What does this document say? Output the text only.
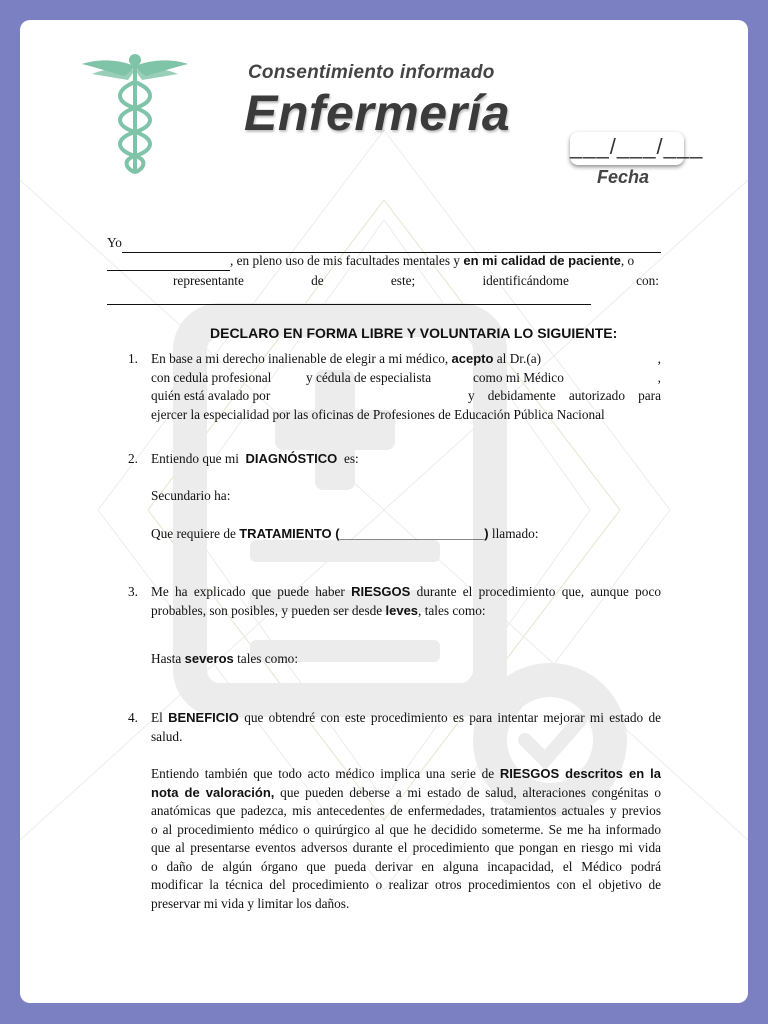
Consentimiento informado
Enfermería
___/___/___
Fecha
Yo
, en pleno uso de mis facultades mentales y en mi calidad de paciente, o
representante	de	este;	identificándome	con:
DECLARO EN FORMA LIBRE Y VOLUNTARIA LO SIGUIENTE:
1. En base a mi derecho inalienable de elegir a mi médico, acepto al Dr.(a)	,
con cedula profesional	y cédula de especialista	como mi Médico	,
quién está avalado por	y debidamente autorizado para
ejercer la especialidad por las oficinas de Profesiones de Educación Pública Nacional
2. Entiendo que mi DIAGNÓSTICO es:
Secundario ha:
Que requiere de TRATAMIENTO (____________________) llamado:
3. Me ha explicado que puede haber RIESGOS durante el procedimiento que, aunque poco
probables, son posibles, y pueden ser desde leves, tales como:
Hasta severos tales como:
4. El BENEFICIO que obtendré con este procedimiento es para intentar mejorar mi estado de
salud.
Entiendo también que todo acto médico implica una serie de RIESGOS descritos en la
nota de valoración, que pueden deberse a mi estado de salud, alteraciones congénitas o
anatómicas que padezca, mis antecedentes de enfermedades, tratamientos actuales y previos
o al procedimiento médico o quirúrgico al que he decidido someterme. Se me ha informado
que al presentarse eventos adversos durante el procedimiento que pongan en riesgo mi vida
o daño de algún órgano que pueda derivar en alguna incapacidad, el Médico podrá
modificar la técnica del procedimiento o realizar otros procedimientos con el objetivo de
preservar mi vida y limitar los daños.
